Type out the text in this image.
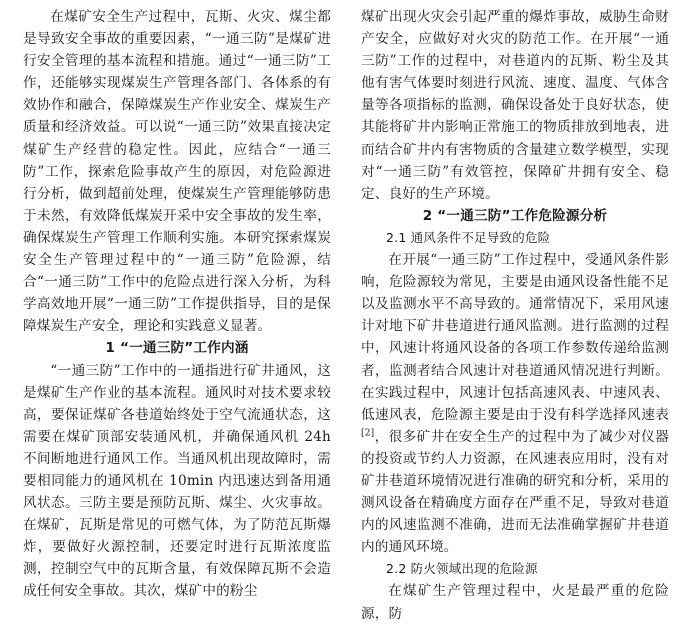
在煤矿安全生产过程中，瓦斯、火灾、煤尘都是导致安全事故的重要因素，“一通三防”是煤矿进行安全管理的基本流程和措施。通过“一通三防”工作，还能够实现煤炭生产管理各部门、各体系的有效协作和融合，保障煤炭生产作业安全、煤炭生产质量和经济效益。可以说“一通三防”效果直接决定煤矿生产经营的稳定性。因此，应结合“一通三防”工作，探索危险事故产生的原因，对危险源进行分析，做到超前处理，使煤炭生产管理能够防患于未然，有效降低煤炭开采中安全事故的发生率，确保煤炭生产管理工作顺利实施。本研究探索煤炭安全生产管理过程中的“一通三防”危险源，结合“一通三防”工作中的危险点进行深入分析，为科学高效地开展“一通三防”工作提供指导，目的是保障煤炭生产安全，理论和实践意义显著。

1 “一通三防”工作内涵

“一通三防”工作中的一通指进行矿井通风，这是煤矿生产作业的基本流程。通风时对技术要求较高，要保证煤矿各巷道始终处于空气流通状态，这需要在煤矿顶部安装通风机，并确保通风机 24h 不间断地进行通风工作。当通风机出现故障时，需要相同能力的通风机在 10min 内迅速达到备用通风状态。三防主要是预防瓦斯、煤尘、火灾事故。在煤矿，瓦斯是常见的可燃气体，为了防范瓦斯爆炸，要做好火源控制，还要定时进行瓦斯浓度监测，控制空气中的瓦斯含量，有效保障瓦斯不会造成任何安全事故。其次，煤矿中的粉尘

煤矿出现火灾会引起严重的爆炸事故，威胁生命财产安全，应做好对火灾的防范工作。在开展“一通三防”工作的过程中，对巷道内的瓦斯、粉尘及其他有害气体要时刻进行风流、速度、温度、气体含量等各项指标的监测，确保设备处于良好状态，使其能将矿井内影响正常施工的物质排放到地表，进而结合矿井内有害物质的含量建立数学模型，实现对“一通三防”有效管控，保障矿井拥有安全、稳定、良好的生产环境。

2 “一通三防”工作危险源分析
2.1 通风条件不足导致的危险

在开展“一通三防”工作过程中，受通风条件影响，危险源较为常见，主要是由通风设备性能不足以及监测水平不高导致的。通常情况下，采用风速计对地下矿井巷道进行通风监测。进行监测的过程中，风速计将通风设备的各项工作参数传递给监测者，监测者结合风速计对巷道通风情况进行判断。在实践过程中，风速计包括高速风表、中速风表、低速风表，危险源主要是由于没有科学选择风速表[2]，很多矿井在安全生产的过程中为了减少对仪器的投资或节约人力资源，在风速表应用时，没有对矿井巷道环境情况进行准确的研究和分析，采用的测风设备在精确度方面存在严重不足，导致对巷道内的风速监测不准确，进而无法准确掌握矿井巷道内的通风环境。

2.2 防火领域出现的危险源

在煤矿生产管理过程中，火是最严重的危险源，防
